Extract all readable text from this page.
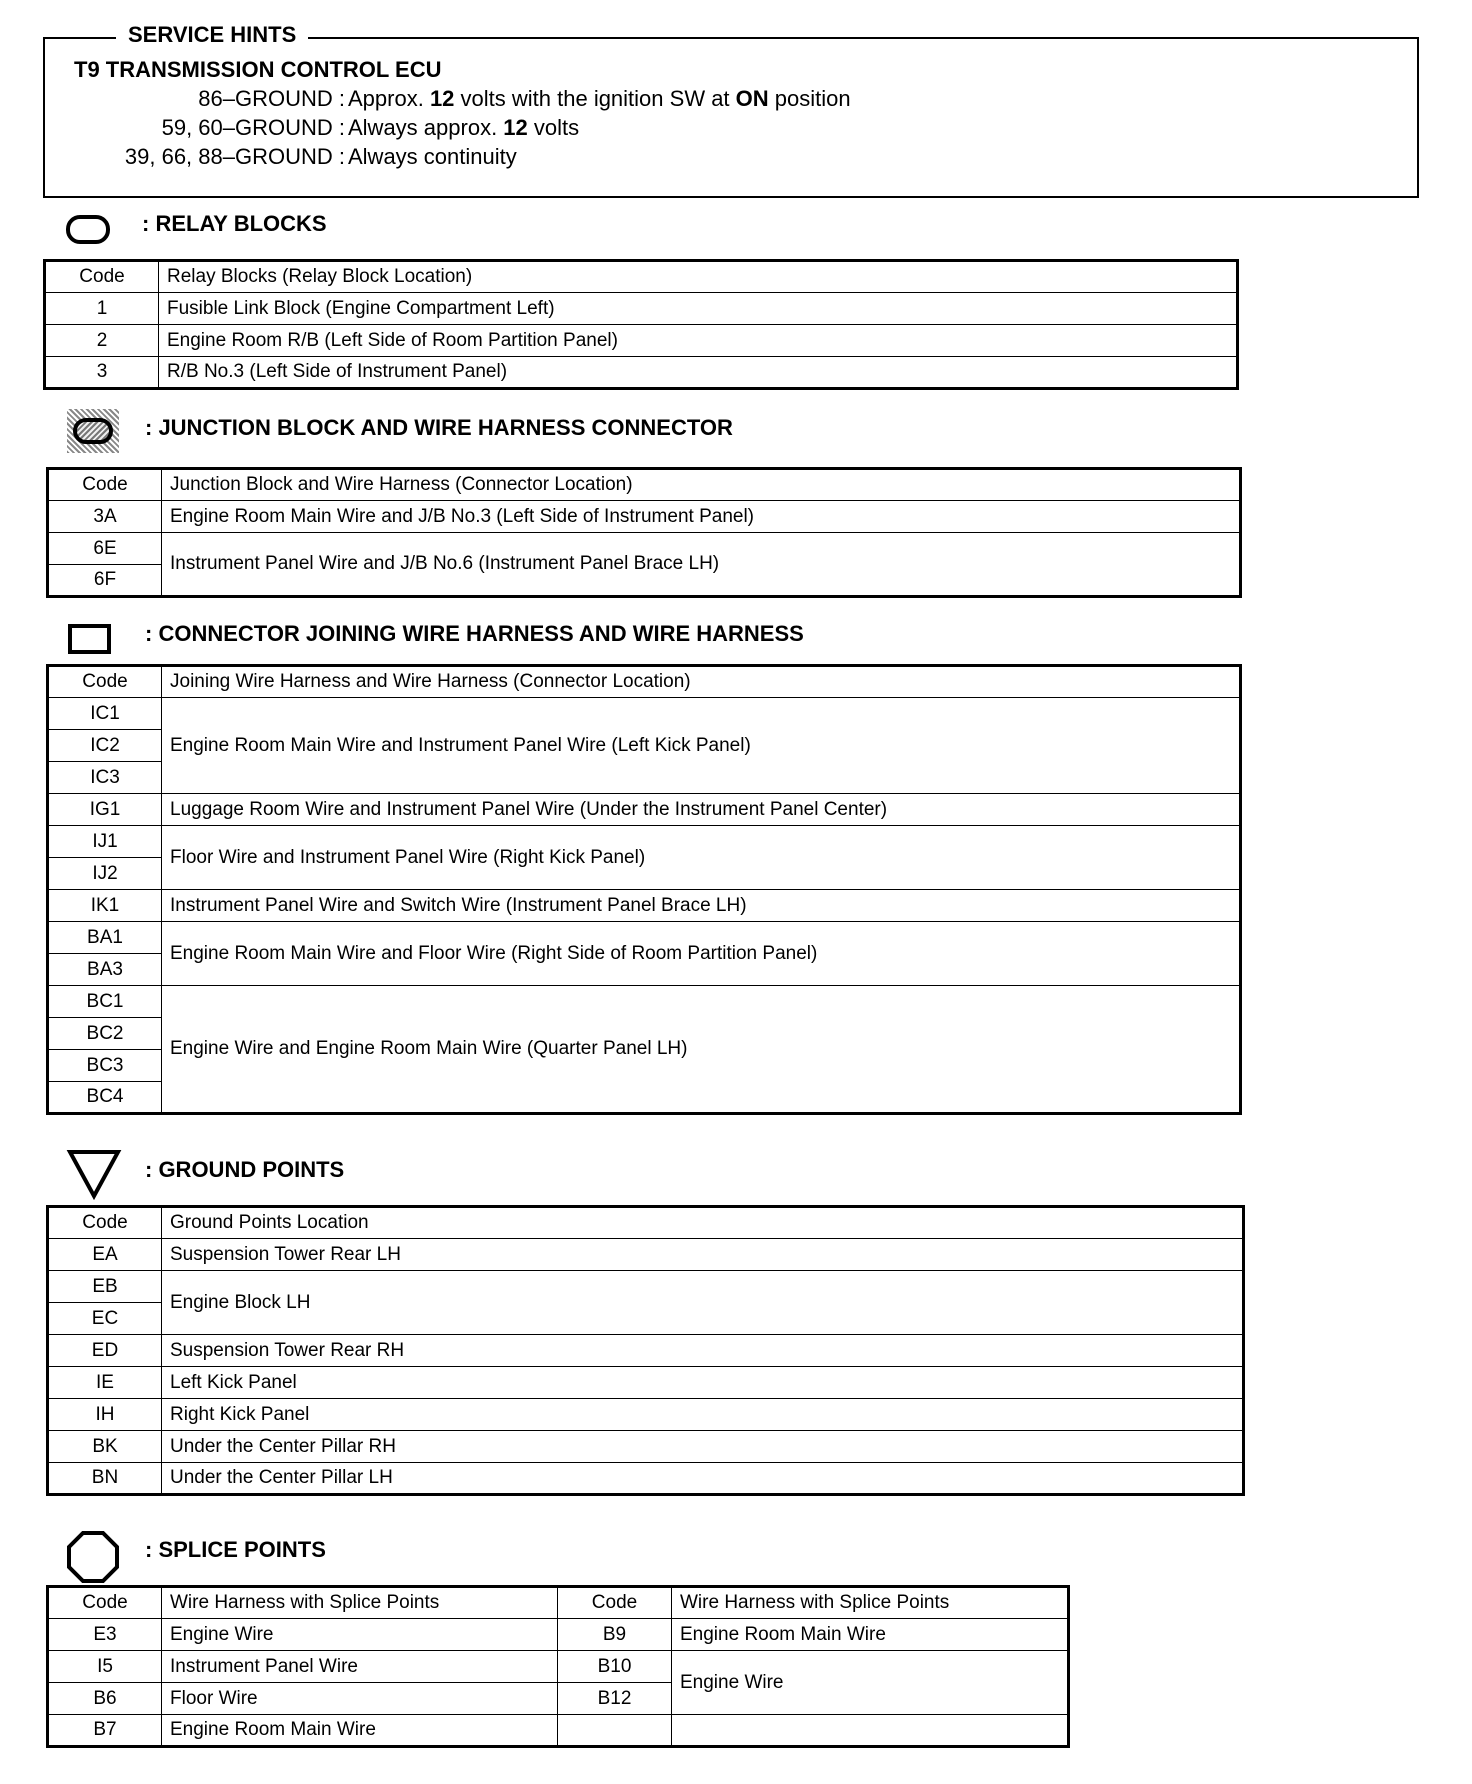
SERVICE HINTS
T9 TRANSMISSION CONTROL ECU
86–GROUND : Approx. 12 volts with the ignition SW at ON position
59, 60–GROUND : Always approx. 12 volts
39, 66, 88–GROUND : Always continuity
: RELAY BLOCKS
Code	Relay Blocks (Relay Block Location)
1	Fusible Link Block (Engine Compartment Left)
2	Engine Room R/B (Left Side of Room Partition Panel)
3	R/B No.3 (Left Side of Instrument Panel)
: JUNCTION BLOCK AND WIRE HARNESS CONNECTOR
Code	Junction Block and Wire Harness (Connector Location)
3A	Engine Room Main Wire and J/B No.3 (Left Side of Instrument Panel)
6E	Instrument Panel Wire and J/B No.6 (Instrument Panel Brace LH)
6F	
: CONNECTOR JOINING WIRE HARNESS AND WIRE HARNESS
Code	Joining Wire Harness and Wire Harness (Connector Location)
IC1	Engine Room Main Wire and Instrument Panel Wire (Left Kick Panel)
IC2	
IC3	
IG1	Luggage Room Wire and Instrument Panel Wire (Under the Instrument Panel Center)
IJ1	Floor Wire and Instrument Panel Wire (Right Kick Panel)
IJ2	
IK1	Instrument Panel Wire and Switch Wire (Instrument Panel Brace LH)
BA1	Engine Room Main Wire and Floor Wire (Right Side of Room Partition Panel)
BA3	
BC1	Engine Wire and Engine Room Main Wire (Quarter Panel LH)
BC2	
BC3	
BC4	
: GROUND POINTS
Code	Ground Points Location
EA	Suspension Tower Rear LH
EB	Engine Block LH
EC	
ED	Suspension Tower Rear RH
IE	Left Kick Panel
IH	Right Kick Panel
BK	Under the Center Pillar RH
BN	Under the Center Pillar LH
: SPLICE POINTS
Code	Wire Harness with Splice Points	Code	Wire Harness with Splice Points
E3	Engine Wire	B9	Engine Room Main Wire
I5	Instrument Panel Wire	B10	Engine Wire
B6	Floor Wire	B12	
B7	Engine Room Main Wire		
